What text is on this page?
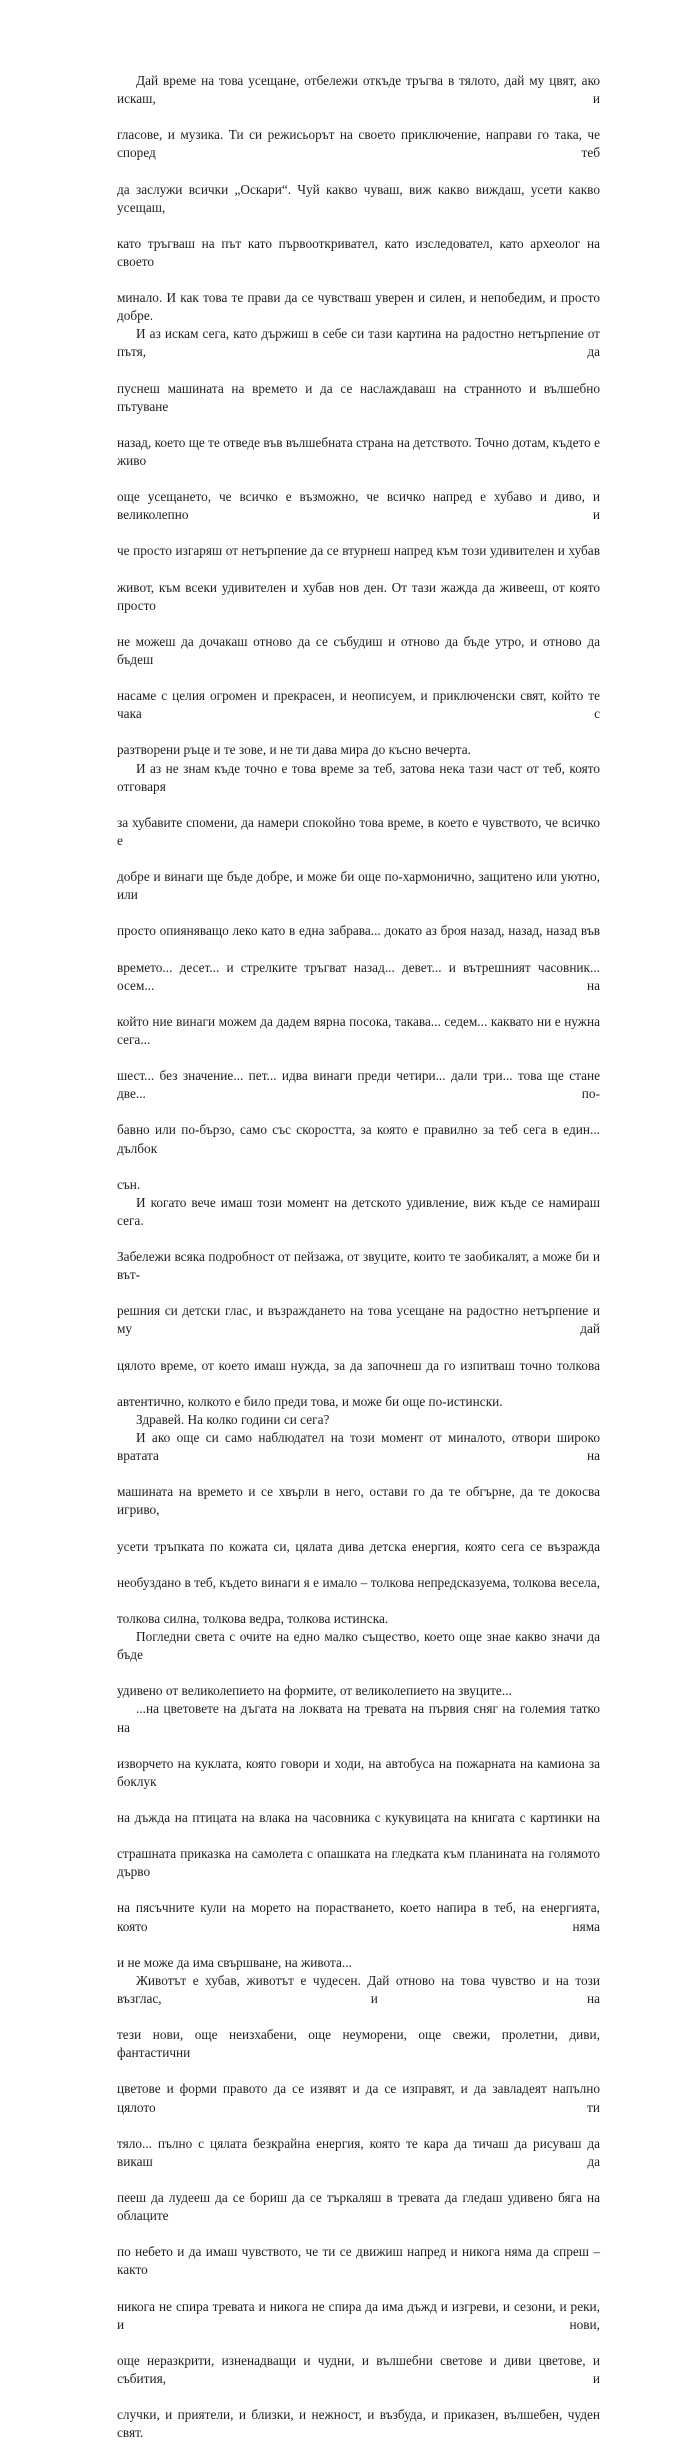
Дай време на това усещане, отбележи откъде тръгва в тялото, дай му цвят, ако искаш, и

гласове, и музика. Ти си режисьорът на своето приключение, направи го така, че според теб

да заслужи всички „Оскари“. Чуй какво чуваш, виж какво виждаш, усети какво усещаш,

като тръгваш на път като първооткривател, като изследовател, като археолог на своето

минало. И как това те прави да се чувстваш уверен и силен, и непобедим, и просто добре.

И аз искам сега, като държиш в себе си тази картина на радостно нетърпение от пътя, да

пуснеш машината на времето и да се наслаждаваш на странното и вълшебно пътуване

назад, което ще те отведе във вълшебната страна на детството. Точно дотам, където е живо

още усещането, че всичко е възможно, че всичко напред е хубаво и диво, и великолепно и

че просто изгаряш от нетърпение да се втурнеш напред към този удивителен и хубав

живот, към всеки удивителен и хубав нов ден. От тази жажда да живееш, от която просто

не можеш да дочакаш отново да се събудиш и отново да бъде утро, и отново да бъдеш

насаме с целия огромен и прекрасен, и неописуем, и приключенски свят, който те чака с

разтворени ръце и те зове, и не ти дава мира до късно вечерта.

И аз не знам къде точно е това време за теб, затова нека тази част от теб, която отговаря

за хубавите спомени, да намери спокойно това време, в което е чувството, че всичко е

добре и винаги ще бъде добре, и може би още по-хармонично, защитено или уютно, или

просто опияняващо леко като в една забрава... докато аз броя назад, назад, назад във

времето... десет... и стрелките тръгват назад... девет... и вътрешният часовник... осем... на

който ние винаги можем да дадем вярна посока, такава... седем... каквато ни е нужна сега...

шест... без значение... пет... идва винаги преди четири... дали три... това ще стане две... по-

бавно или по-бързо, само със скоростта, за която е правилно за теб сега в един... дълбок

сън.

И когато вече имаш този момент на детското удивление, виж къде се намираш сега.

Забележи всяка подробност от пейзажа, от звуците, които те заобикалят, а може би и вът-

решния си детски глас, и възраждането на това усещане на радостно нетърпение и му дай

цялото време, от което имаш нужда, за да започнеш да го изпитваш точно толкова

автентично, колкото е било преди това, и може би още по-истински.

Здравей. На колко години си сега?

И ако още си само наблюдател на този момент от миналото, отвори широко вратата на

машината на времето и се хвърли в него, остави го да те обгърне, да те докосва игриво,

усети тръпката по кожата си, цялата дива детска енергия, която сега се възражда

необуздано в теб, където винаги я е имало – толкова непредсказуема, толкова весела,

толкова силна, толкова ведра, толкова истинска.

Погледни света с очите на едно малко същество, което още знае какво значи да бъде

удивено от великолепието на формите, от великолепието на звуците...

...на цветовете на дъгата на локвата на тревата на първия сняг на големия татко на

изворчето на куклата, която говори и ходи, на автобуса на пожарната на камиона за боклук

на дъжда на птицата на влака на часовника с кукувицата на книгата с картинки на

страшната приказка на самолета с опашката на гледката към планината на голямото дърво

на пясъчните кули на морето на порастването, което напира в теб, на енергията, която няма

и не може да има свършване, на живота...

Животът е хубав, животът е чудесен. Дай отново на това чувство и на този възглас, и на

тези нови, още неизхабени, още неуморени, още свежи, пролетни, диви, фантастични

цветове и форми правото да се изявят и да се изправят, и да завладеят напълно цялото ти

тяло... пълно с цялата безкрайна енергия, която те кара да тичаш да рисуваш да викаш да

пееш да лудееш да се бориш да се търкаляш в тревата да гледаш удивено бяга на облаците

по небето и да имаш чувството, че ти се движиш напред и никога няма да спреш – както

никога не спира тревата и никога не спира да има дъжд и изгреви, и сезони, и реки, и нови,

още неразкрити, изненадващи и чудни, и вълшебни светове и диви цветове, и събития, и

случки, и приятели, и близки, и нежност, и възбуда, и приказен, вълшебен, чуден свят.
